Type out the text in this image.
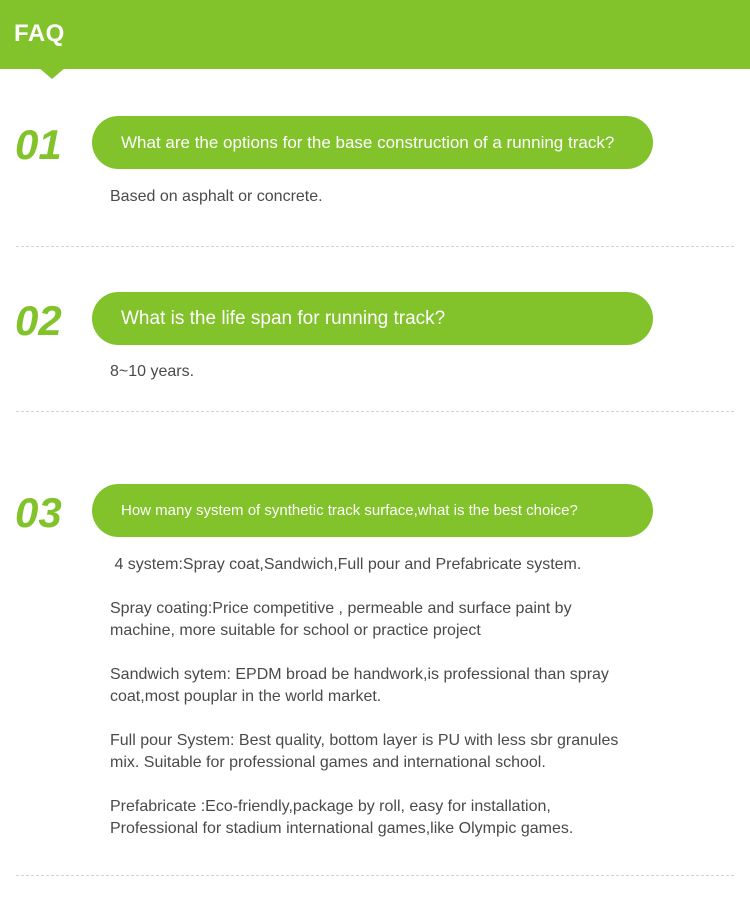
FAQ
01	What are the options for the base construction of a running track?

Based on asphalt or concrete.

02	What is the life span for running track?

8~10 years.

03	How many system of synthetic track surface,what is the best choice?

4 system:Spray coat,Sandwich,Full pour and Prefabricate system.

Spray coating:Price competitive , permeable and surface paint by machine, more suitable for school or practice project

Sandwich sytem: EPDM broad be handwork,is professional than spray coat,most pouplar in the world market.

Full pour System: Best quality, bottom layer is PU with less sbr granules mix. Suitable for professional games and international school.

Prefabricate :Eco-friendly,package by roll, easy for installation, Professional for stadium international games,like Olympic games.
